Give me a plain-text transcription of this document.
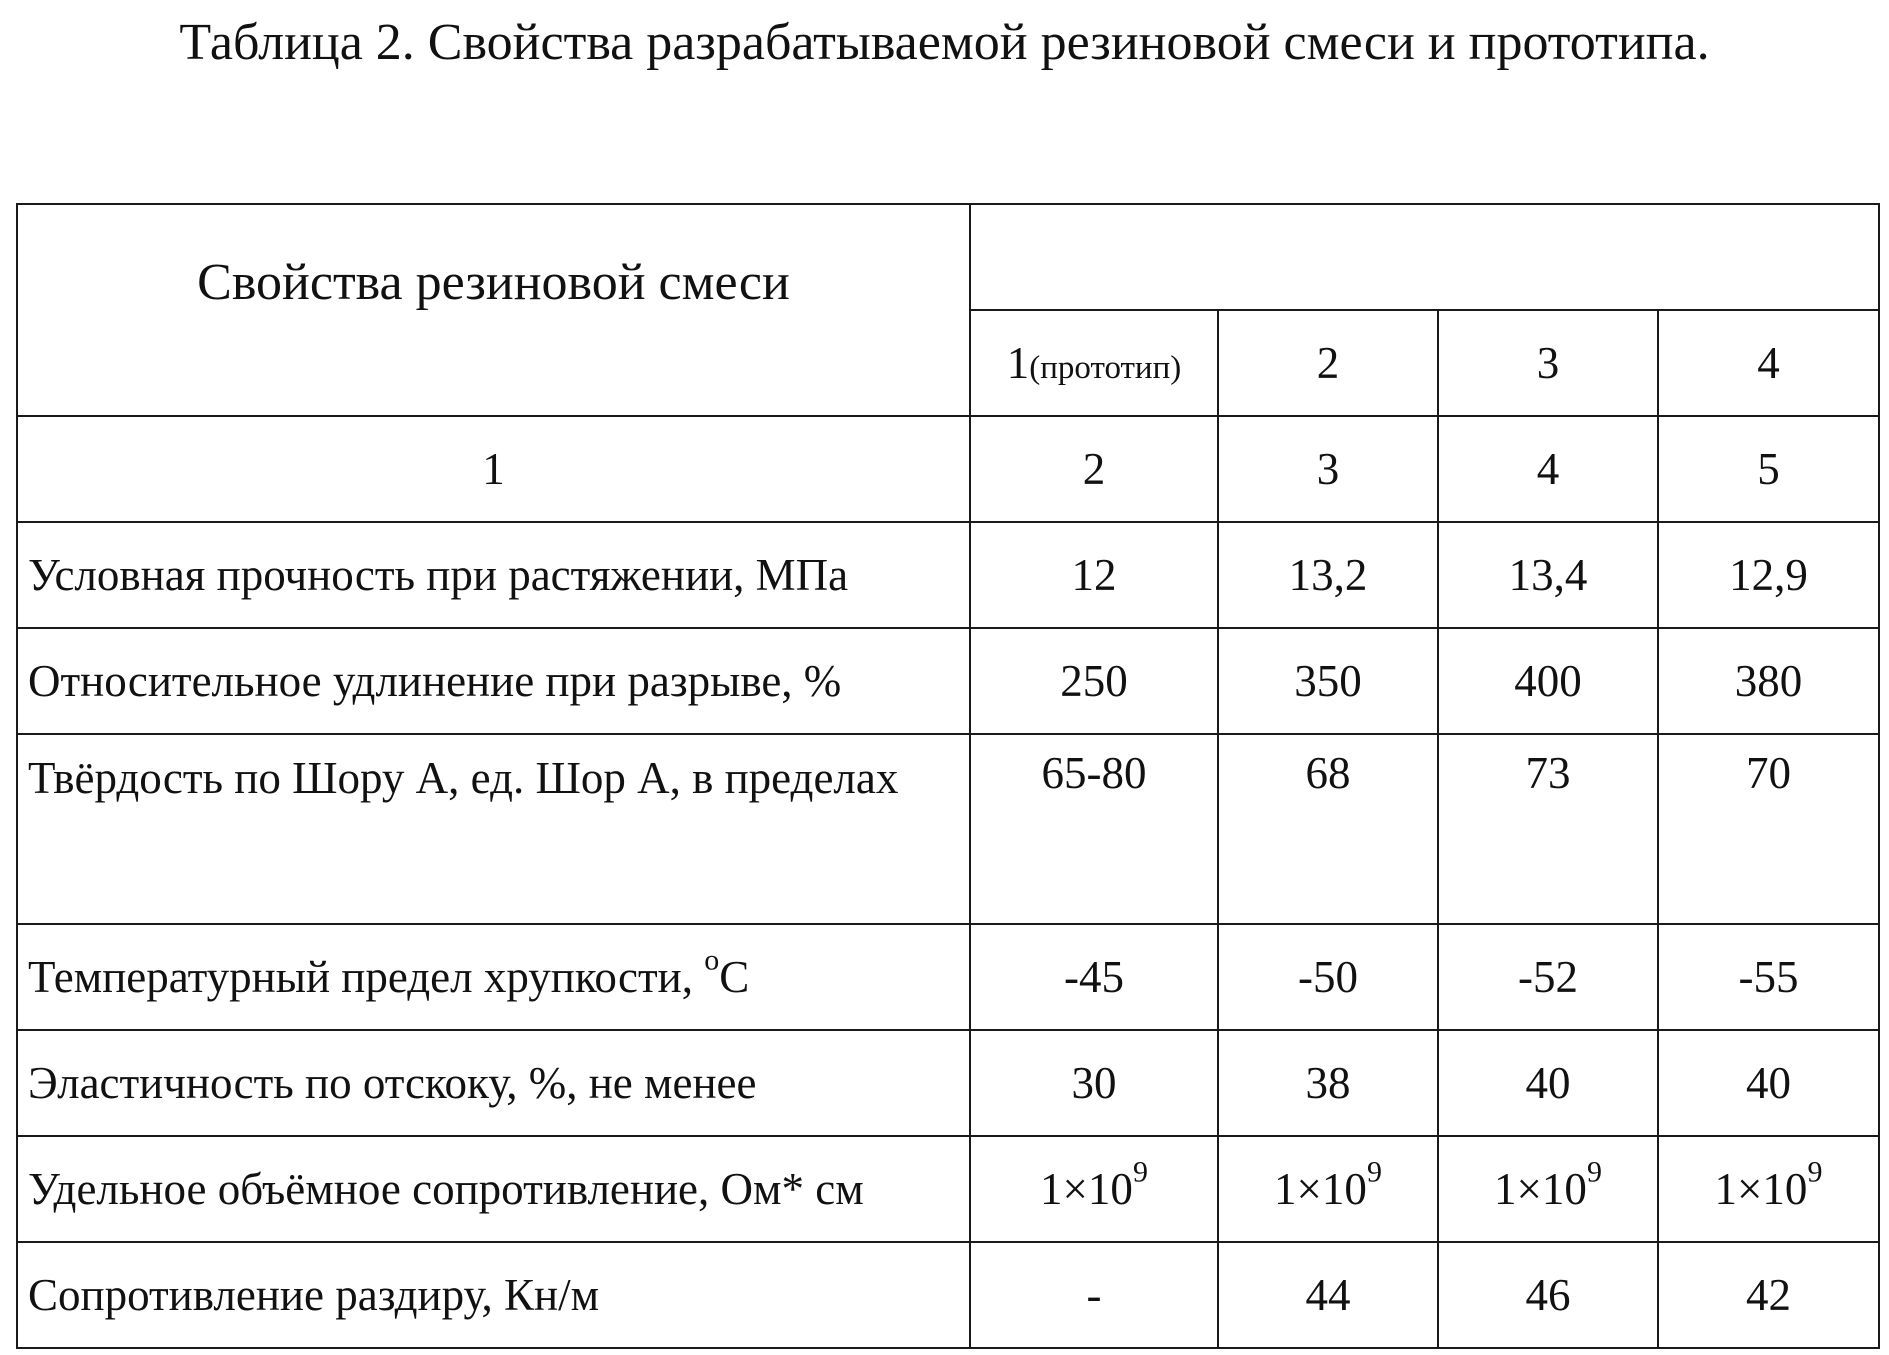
Таблица 2. Свойства разрабатываемой резиновой смеси и прототипа.
Свойства резиновой смеси				
	1(прототип)	2	3	4
1	2	3	4	5
Условная прочность при растяжении, МПа	12	13,2	13,4	12,9
Относительное удлинение при разрыве, %	250	350	400	380
Твёрдость по Шору А, ед. Шор А, в пределах	65-80	68	73	70
Температурный предел хрупкости, $^о$С	-45	-50	-52	-55
Эластичность по отскоку, %, не менее	30	38	40	40
Удельное объёмное сопротивление, Ом* см	$1\times 10^9$	$1\times 10^9$	$1\times 10^9$	$1\times 10^9$
Сопротивление раздиру, Кн/м	-	44	46	42
